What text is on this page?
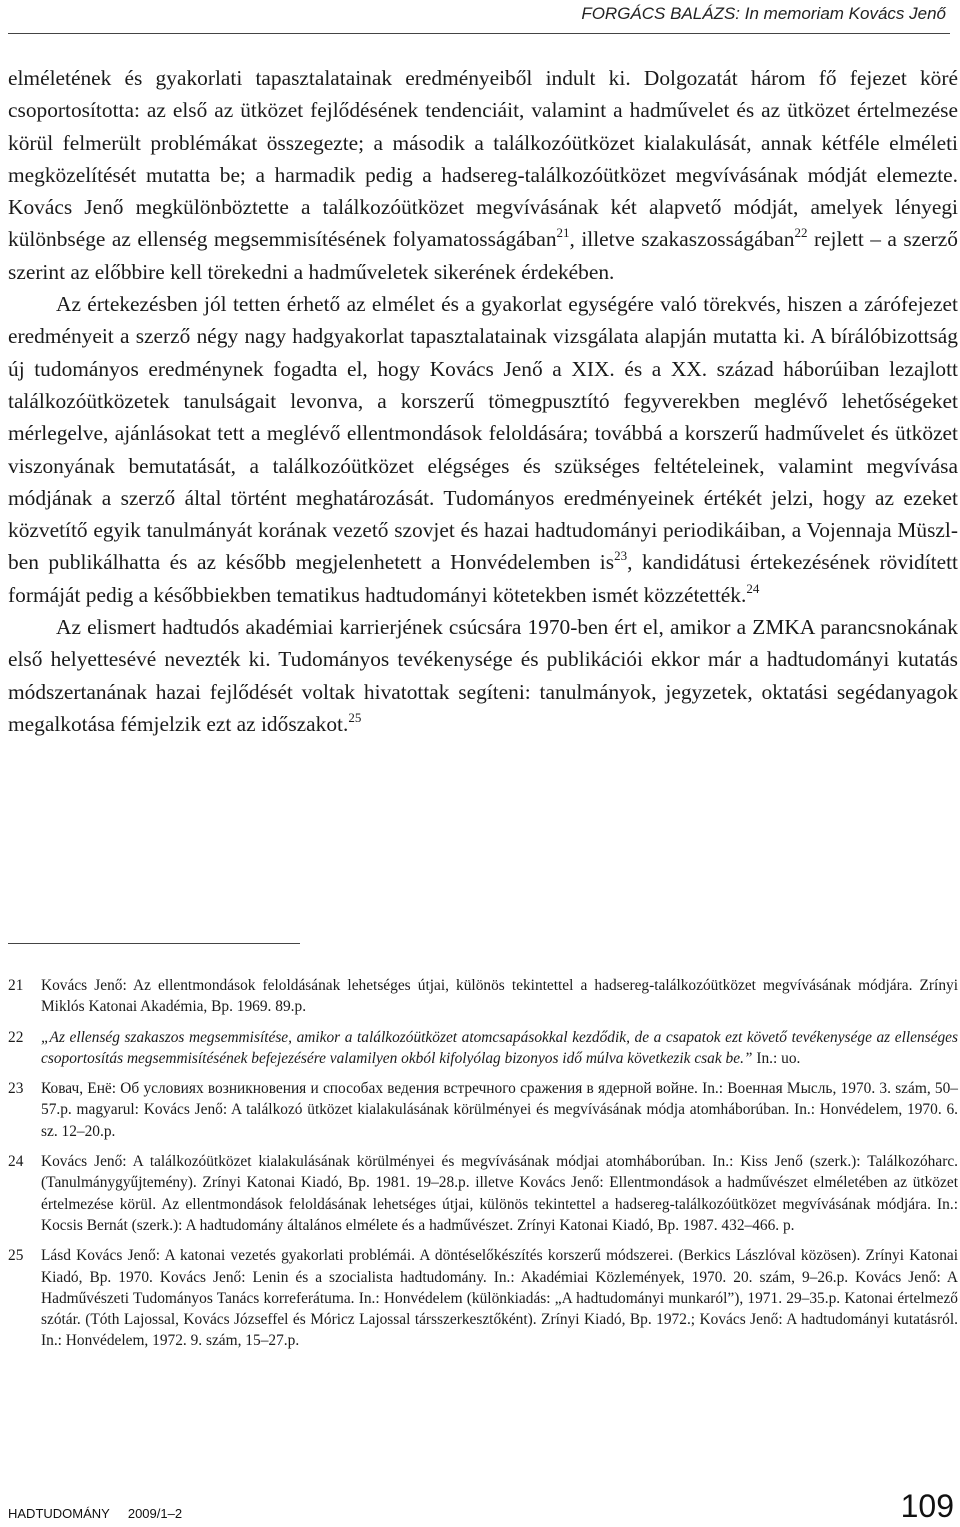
FORGÁCS BALÁZS: In memoriam Kovács Jenő

elméletének és gyakorlati tapasztalatainak eredményeiből indult ki. Dolgozatát három fő fejezet köré csoportosította: az első az ütközet fejlődésének tendenciáit, valamint a hadművelet és az ütközet értelmezése körül felmerült problémákat összegezte; a második a találkozóütközet kialakulását, annak kétféle elméleti megközelítését mutatta be; a harmadik pedig a hadsereg-találkozóütközet megvívásának módját elemezte. Kovács Jenő megkülönböztette a találkozóütközet megvívásának két alapvető módját, amelyek lényegi különbsége az ellenség megsemmisítésének folyamatosságában$^{21}$, illetve szakaszosságában$^{22}$ rejlett – a szerző szerint az előbbire kell törekedni a hadműveletek sikerének érdekében.

Az értekezésben jól tetten érhető az elmélet és a gyakorlat egységére való törekvés, hiszen a zárófejezet eredményeit a szerző négy nagy hadgyakorlat tapasztalatainak vizsgálata alapján mutatta ki. A bírálóbizottság új tudományos eredménynek fogadta el, hogy Kovács Jenő a XIX. és a XX. század háborúiban lezajlott találkozóütközetek tanulságait levonva, a korszerű tömegpusztító fegyverekben meglévő lehetőségeket mérlegelve, ajánlásokat tett a meglévő ellentmondások feloldására; továbbá a korszerű hadművelet és ütközet viszonyának bemutatását, a találkozóütközet elégséges és szükséges feltételeinek, valamint megvívása módjának a szerző által történt meghatározását. Tudományos eredményeinek értékét jelzi, hogy az ezeket közvetítő egyik tanulmányát korának vezető szovjet és hazai hadtudományi periodikáiban, a Vojennaja Müszl-ben publikálhatta és az később megjelenhetett a Honvédelemben $is^{23}$, kandidátusi értekezésének rövidített formáját pedig a későbbiekben tematikus hadtudományi kötetekben ismét közzétették.$^{24}$

Az elismert hadtudós akadémiai karrierjének csúcsára 1970-ben ért el, amikor a ZMKA parancsnokának első helyettesévé nevezték ki. Tudományos tevékenysége és publikációi ekkor már a hadtudományi kutatás módszertanának hazai fejlődését voltak hivatottak segíteni: tanulmányok, jegyzetek, oktatási segédanyagok megalkotása fémjelzik ezt az időszakot.$^{25}$

21 Kovács Jenő: Az ellentmondások feloldásának lehetséges útjai, különös tekintettel a hadsereg-találkozóütközet megvívásának módjára. Zrínyi Miklós Katonai Akadémia, Bp. 1969. 89.p.
22 „Az ellenség szakaszos megsemmisítése, amikor a találkozóütközet atomcsapásokkal kezdődik, de a csapatok ezt követő tevékenysége az ellenséges csoportosítás megsemmisítésének befejezésére valamilyen okból kifolyólag bizonyos idő múlva következik csak be.” In.: uo.
23 Ковач, Енё: Об условиях возникновения и способах ведения встречного сражения в ядерной войне. In.: Военная Мысль, 1970. 3. szám, 50–57.p. magyarul: Kovács Jenő: A találkozó ütközet kialakulásának körülményei és megvívásának módja atomháborúban. In.: Honvédelem, 1970. 6. sz. 12–20.p.
24 Kovács Jenő: A találkozóütközet kialakulásának körülményei és megvívásának módjai atomháborúban. In.: Kiss Jenő (szerk.): Találkozóharc. (Tanulmánygyűjtemény). Zrínyi Katonai Kiadó, Bp. 1981. 19–28.p. illetve Kovács Jenő: Ellentmondások a hadművészet elméletében az ütközet értelmezése körül. Az ellentmondások feloldásának lehetséges útjai, különös tekintettel a hadsereg-találkozóütközet megvívásának módjára. In.: Kocsis Bernát (szerk.): A hadtudomány általános elmélete és a hadművészet. Zrínyi Katonai Kiadó, Bp. 1987. 432–466. p.
25 Lásd Kovács Jenő: A katonai vezetés gyakorlati problémái. A döntéselőkészítés korszerű módszerei. (Berkics Lászlóval közösen). Zrínyi Katonai Kiadó, Bp. 1970. Kovács Jenő: Lenin és a szocialista hadtudomány. In.: Akadémiai Közlemények, 1970. 20. szám, 9–26.p. Kovács Jenő: A Hadművészeti Tudományos Tanács korreferátuma. In.: Honvédelem (különkiadás: „A hadtudományi munkaról”), 1971. 29–35.p. Katonai értelmező szótár. (Tóth Lajossal, Kovács Józseffel és Móricz Lajossal társszerkesztőként). Zrínyi Kiadó, Bp. 1972.; Kovács Jenő: A hadtudományi kutatásról. In.: Honvédelem, 1972. 9. szám, 15–27.p.
HADTUDOMÁNY 2009/1–2	109
